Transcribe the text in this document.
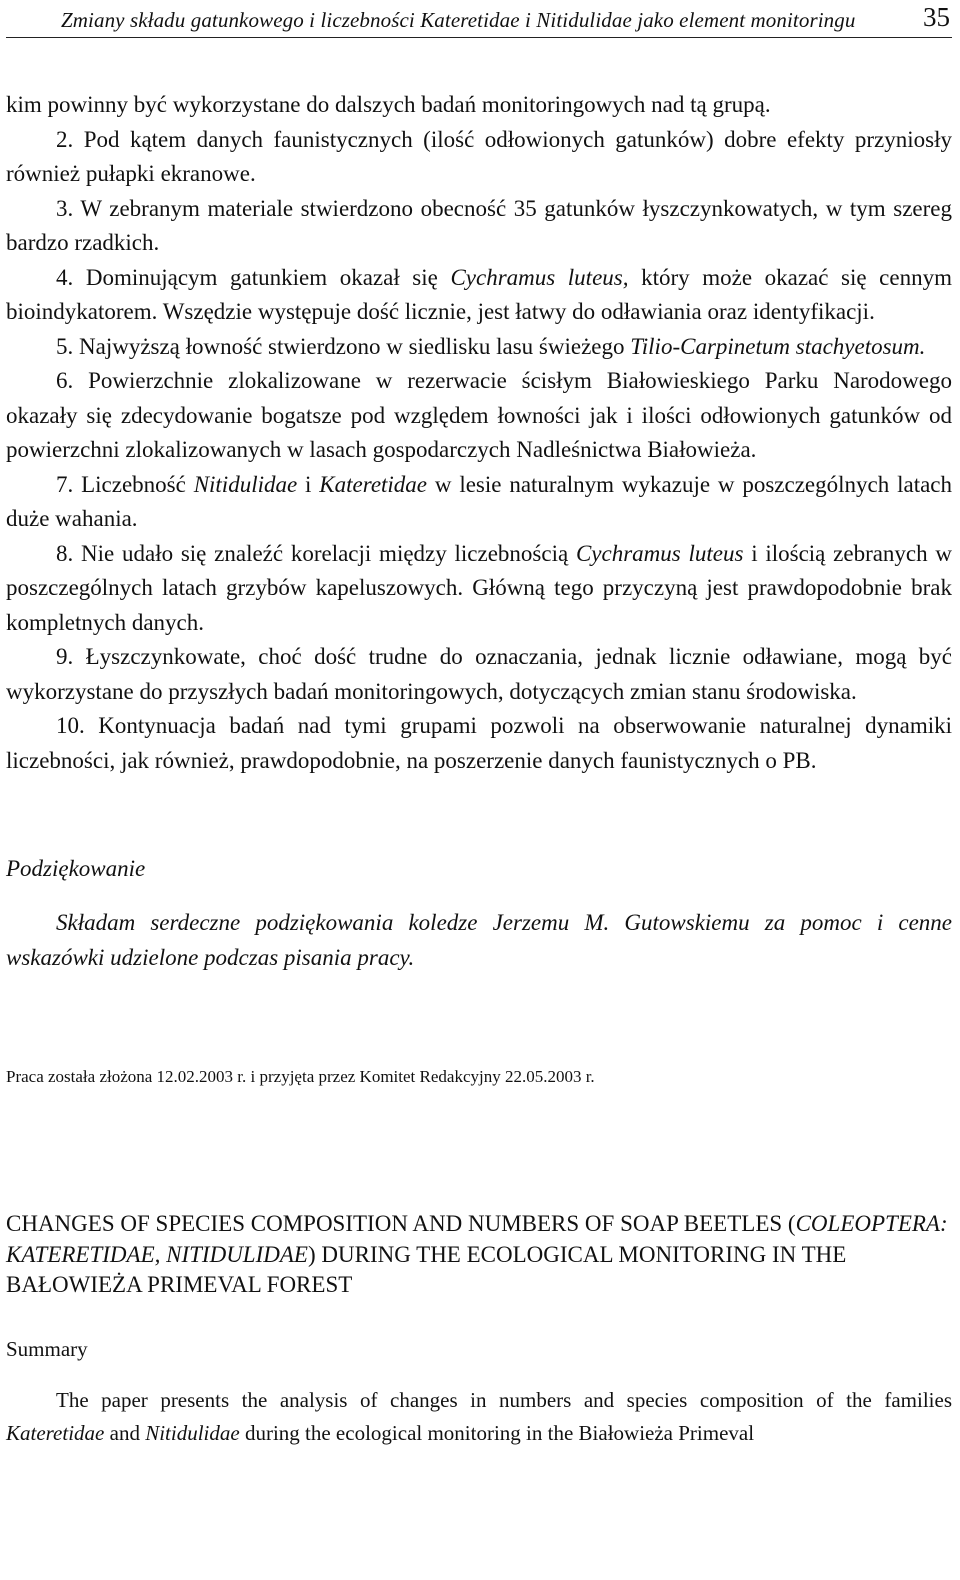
Zmiany składu gatunkowego i liczebności Kateretidae i Nitidulidae jako element monitoringu	35

kim powinny być wykorzystane do dalszych badań monitoringowych nad tą grupą.

2. Pod kątem danych faunistycznych (ilość odłowionych gatunków) dobre efekty przyniosły również pułapki ekranowe.

3. W zebranym materiale stwierdzono obecność 35 gatunków łyszczynkowatych, w tym szereg bardzo rzadkich.

4. Dominującym gatunkiem okazał się Cychramus luteus, który może okazać się cennym bioindykatorem. Wszędzie występuje dość licznie, jest łatwy do odławiania oraz identyfikacji.

5. Najwyższą łowność stwierdzono w siedlisku lasu świeżego Tilio-Carpinetum stachyetosum.

6. Powierzchnie zlokalizowane w rezerwacie ścisłym Białowieskiego Parku Narodowego okazały się zdecydowanie bogatsze pod względem łowności jak i ilości odłowionych gatunków od powierzchni zlokalizowanych w lasach gospodarczych Nadleśnictwa Białowieża.

7. Liczebność Nitidulidae i Kateretidae w lesie naturalnym wykazuje w poszczególnych latach duże wahania.

8. Nie udało się znaleźć korelacji między liczebnością Cychramus luteus i ilością zebranych w poszczególnych latach grzybów kapeluszowych. Główną tego przyczyną jest prawdopodobnie brak kompletnych danych.

9. Łyszczynkowate, choć dość trudne do oznaczania, jednak licznie odławiane, mogą być wykorzystane do przyszłych badań monitoringowych, dotyczących zmian stanu środowiska.

10. Kontynuacja badań nad tymi grupami pozwoli na obserwowanie naturalnej dynamiki liczebności, jak również, prawdopodobnie, na poszerzenie danych faunistycznych o PB.

Podziękowanie
Składam serdeczne podziękowania koledze Jerzemu M. Gutowskiemu za pomoc i cenne wskazówki udzielone podczas pisania pracy.
Praca została złożona 12.02.2003 r. i przyjęta przez Komitet Redakcyjny 22.05.2003 r.
CHANGES OF SPECIES COMPOSITION AND NUMBERS OF SOAP BEETLES (COLEOPTERA: KATERETIDAE, NITIDULIDAE) DURING THE ECOLOGICAL MONITORING IN THE BAŁOWIEŻA PRIMEVAL FOREST
Summary
The paper presents the analysis of changes in numbers and species composition of the families Kateretidae and Nitidulidae during the ecological monitoring in the Białowieża Primeval
